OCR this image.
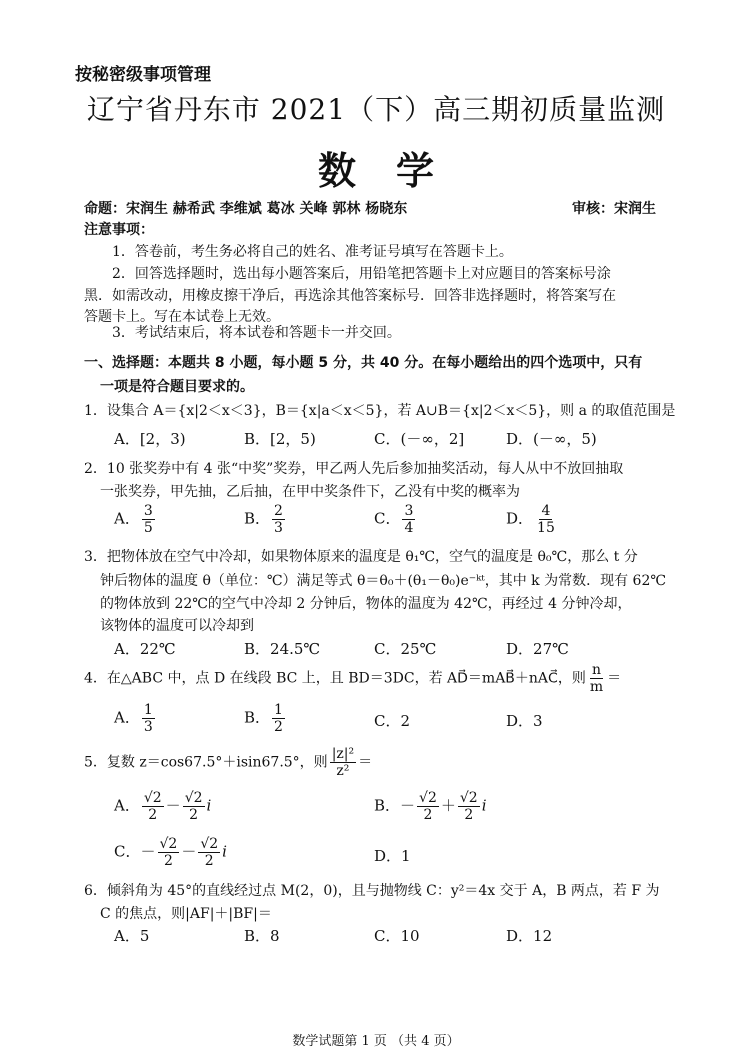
按秘密级事项管理
辽宁省丹东市 2021（下）高三期初质量监测
数学
命题：宋润生 赫希武 李维斌 葛冰 关峰 郭林 杨晓东	审核：宋润生
注意事项：
1．答卷前，考生务必将自己的姓名、准考证号填写在答题卡上。
2．回答选择题时，选出每小题答案后，用铅笔把答题卡上对应题目的答案标号涂
黑．如需改动，用橡皮擦干净后，再选涂其他答案标号．回答非选择题时，将答案写在
答题卡上。写在本试卷上无效。
3．考试结束后，将本试卷和答题卡一并交回。
一、选择题：本题共 8 小题，每小题 5 分，共 40 分。在每小题给出的四个选项中，只有
一项是符合题目要求的。
1．设集合 A＝{x|2＜x＜3}，B＝{x|a＜x＜5}，若 A∪B＝{x|2＜x＜5}，则 a 的取值范围是
A．[2，3)	B．[2，5)	C．(－∞，2]	D．(－∞，5)
2．10 张奖券中有 4 张“中奖”奖券，甲乙两人先后参加抽奖活动，每人从中不放回抽取
一张奖券，甲先抽，乙后抽，在甲中奖条件下，乙没有中奖的概率为
A． $\frac{3}{5}$	B． $\frac{2}{3}$	C． $\frac{3}{4}$	D． $\frac{4}{15}$
3．把物体放在空气中冷却，如果物体原来的温度是 θ₁℃，空气的温度是 θ₀℃，那么 t 分
钟后物体的温度 θ（单位：℃）满足等式 θ＝θ₀＋(θ₁－θ₀)e⁻ᵏᵗ，其中 k 为常数．现有 62℃
的物体放到 22℃的空气中冷却 2 分钟后，物体的温度为 42℃，再经过 4 分钟冷却，
该物体的温度可以冷却到
A．22℃	B．24.5℃	C．25℃	D．27℃
4．在△ABC 中，点 D 在线段 BC 上，且 BD＝3DC，若 AD⃗＝mAB⃗＋nAC⃗，则 $\frac{n}{m}$ ＝
A． $\frac{1}{3}$	B． $\frac{1}{2}$	C．2	D．3
5．复数 z＝cos67.5°＋isin67.5°，则 $\frac{\text{|z|²}}{\text{z²}}$ ＝
A． $\frac{√2}{2} - \frac{√2}{2}$ i	B．－ $\frac{√2}{2} + \frac{√2}{2}$ i
C．－ $\frac{√2}{2} - \frac{√2}{2}$ i	D．1
6．倾斜角为 45°的直线经过点 M(2，0)，且与抛物线 C：y²＝4x 交于 A，B 两点，若 F 为
C 的焦点，则|AF|＋|BF|＝
A．5	B．8	C．10	D．12
数学试题第 1 页 （共 4 页）
